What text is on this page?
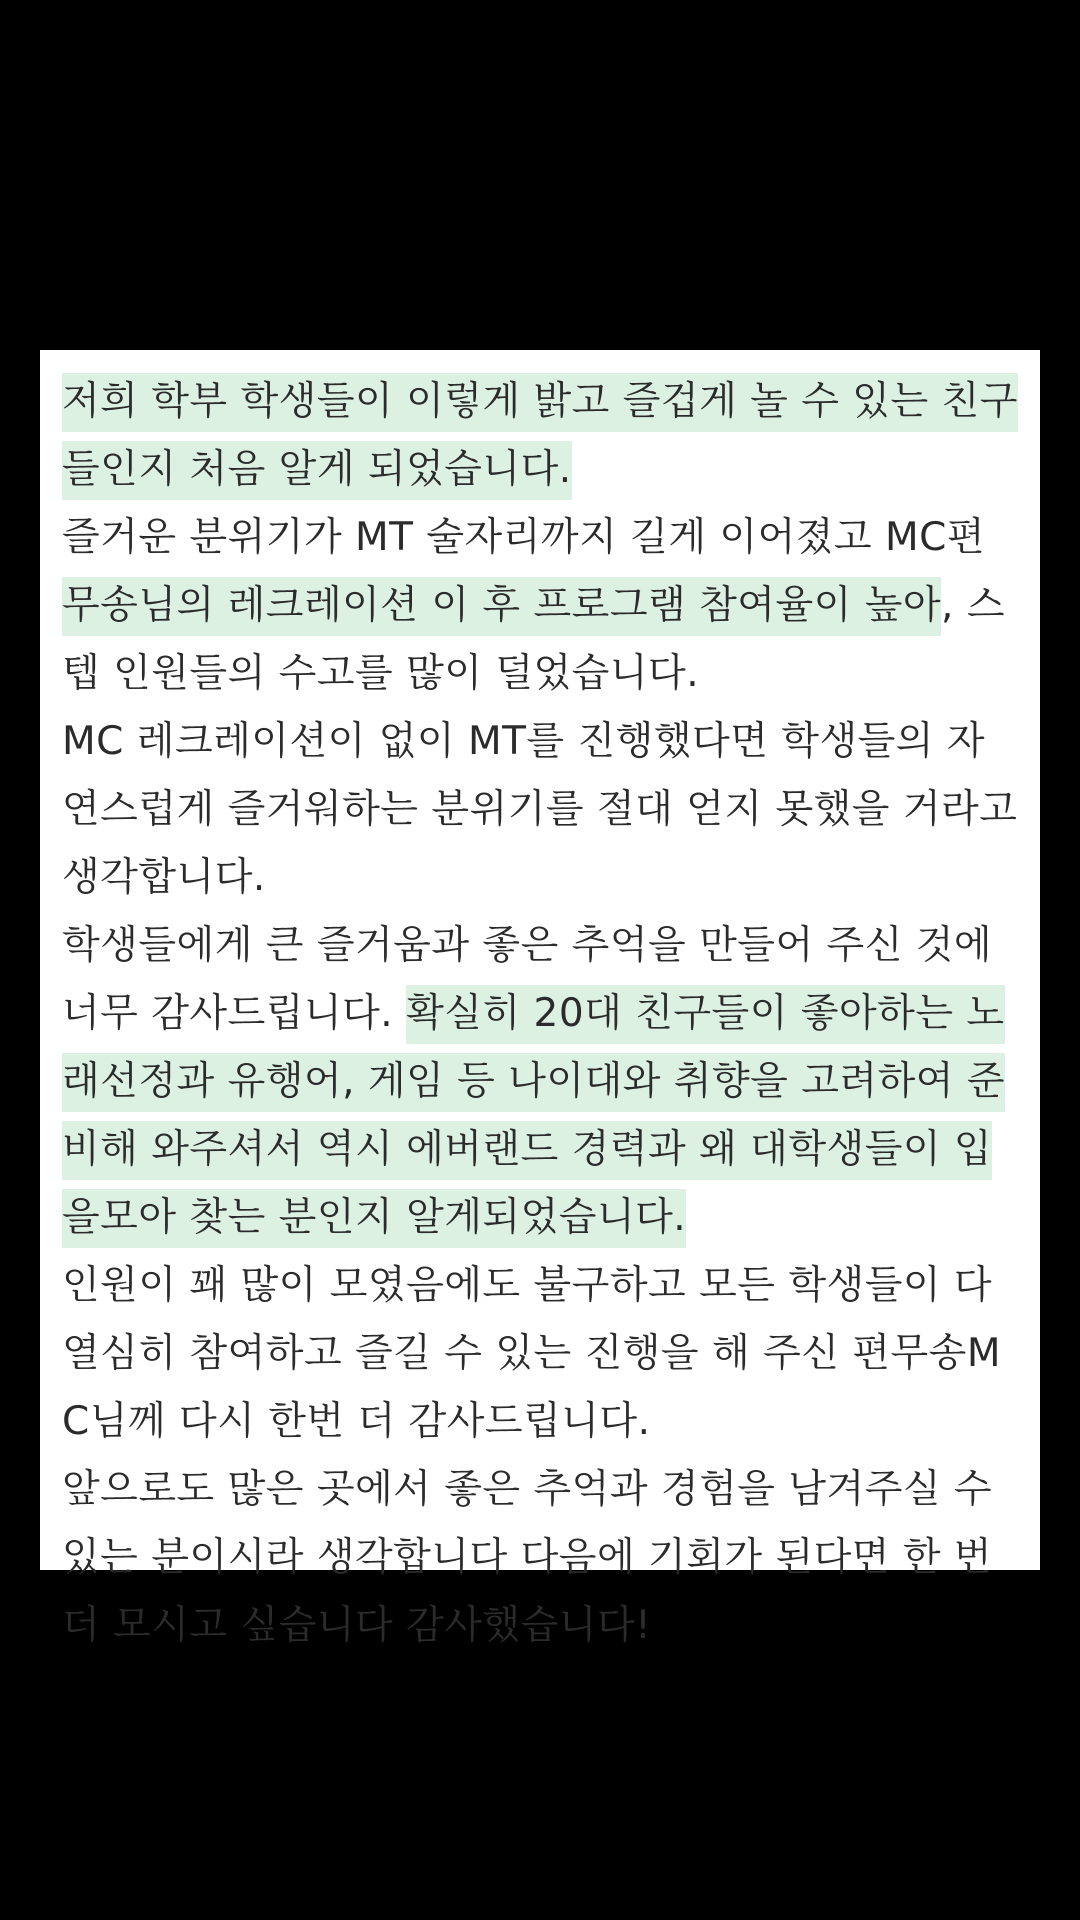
저희 학부 학생들이 이렇게 밝고 즐겁게 놀 수 있는 친구
들인지 처음 알게 되었습니다.
즐거운 분위기가 MT 술자리까지 길게 이어졌고 MC편
무송님의 레크레이션 이 후 프로그램 참여율이 높아, 스
텝 인원들의 수고를 많이 덜었습니다.
MC 레크레이션이 없이 MT를 진행했다면 학생들의 자
연스럽게 즐거워하는 분위기를 절대 얻지 못했을 거라고
생각합니다.
학생들에게 큰 즐거움과 좋은 추억을 만들어 주신 것에
너무 감사드립니다. 확실히 20대 친구들이 좋아하는 노
래선정과 유행어, 게임 등 나이대와 취향을 고려하여 준
비해 와주셔서 역시 에버랜드 경력과 왜 대학생들이 입
을모아 찾는 분인지 알게되었습니다.
인원이 꽤 많이 모였음에도 불구하고 모든 학생들이 다
열심히 참여하고 즐길 수 있는 진행을 해 주신 편무송M
C님께 다시 한번 더 감사드립니다.
앞으로도 많은 곳에서 좋은 추억과 경험을 남겨주실 수
있는 분이시라 생각합니다 다음에 기회가 된다면 한 번
더 모시고 싶습니다 감사했습니다!
